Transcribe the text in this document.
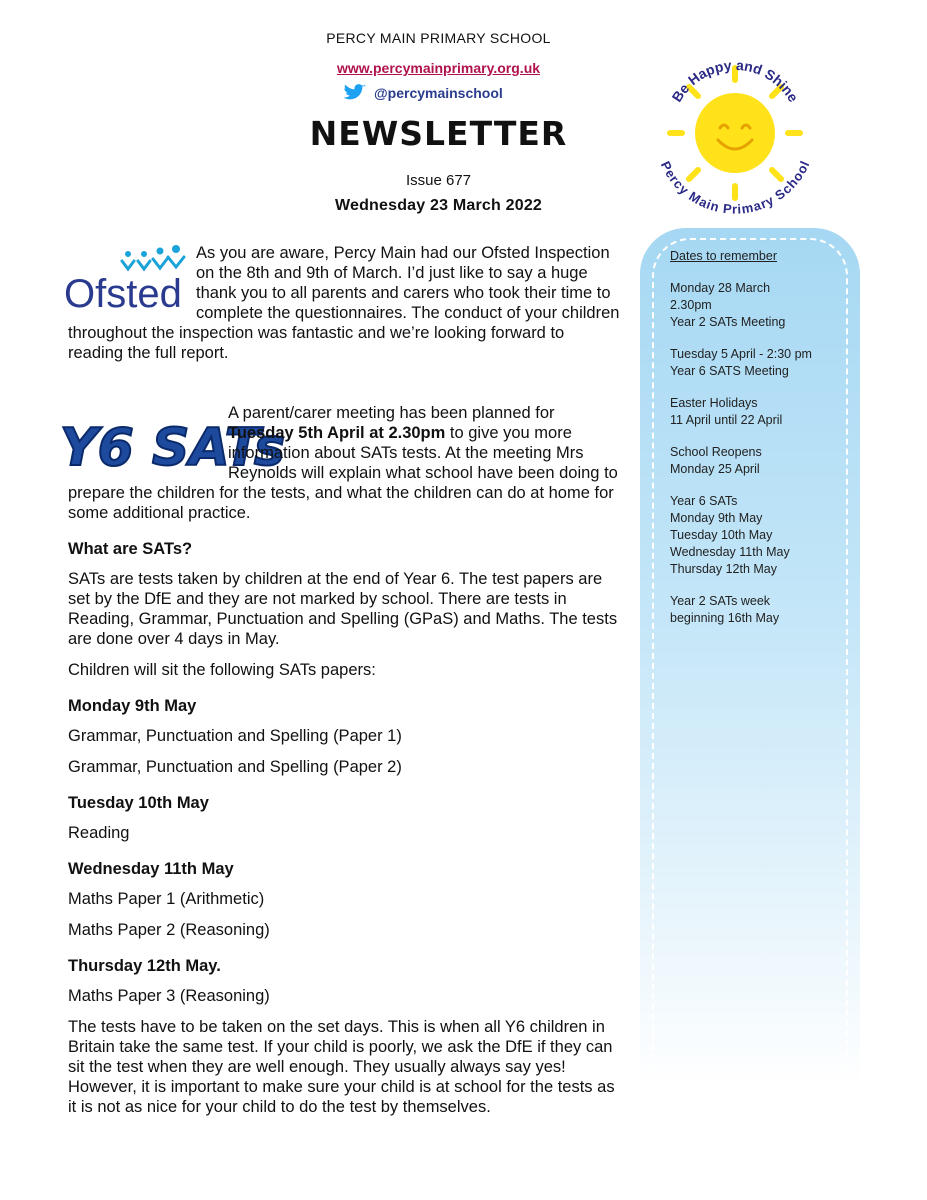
PERCY MAIN PRIMARY SCHOOL
www.percymainprimary.org.uk
@percymainschool
NEWSLETTER
Issue 677
Wednesday 23 March 2022
Be Happy and Shine
Percy Main Primary School
Dates to remember
Monday 28 March
2.30pm
Year 2 SATs Meeting
Tuesday 5 April - 2:30 pm
Year 6 SATS Meeting
Easter Holidays
11 April until 22 April
School Reopens
Monday 25 April
Year 6 SATs
Monday 9th May
Tuesday 10th May
Wednesday 11th May
Thursday 12th May
Year 2 SATs week
beginning 16th May
Ofsted

As you are aware, Percy Main had our Ofsted Inspection on the 8th and 9th of March. I’d just like to say a huge thank you to all parents and carers who took their time to complete the questionnaires. The conduct of your children throughout the inspection was fantastic and we’re looking forward to reading the full report.

Y6 SATs

A parent/carer meeting has been planned for Tuesday 5th April at 2.30pm to give you more information about SATs tests. At the meeting Mrs Reynolds will explain what school have been doing to prepare the children for the tests, and what the children can do at home for some additional practice.

What are SATs?

SATs are tests taken by children at the end of Year 6. The test papers are set by the DfE and they are not marked by school. There are tests in Reading, Grammar, Punctuation and Spelling (GPaS) and Maths. The tests are done over 4 days in May.

Children will sit the following SATs papers:

Monday 9th May

Grammar, Punctuation and Spelling (Paper 1)

Grammar, Punctuation and Spelling (Paper 2)

Tuesday 10th May

Reading

Wednesday 11th May

Maths Paper 1 (Arithmetic)

Maths Paper 2 (Reasoning)

Thursday 12th May.

Maths Paper 3 (Reasoning)

The tests have to be taken on the set days. This is when all Y6 children in Britain take the same test. If your child is poorly, we ask the DfE if they can sit the test when they are well enough. They usually always say yes! However, it is important to make sure your child is at school for the tests as it is not as nice for your child to do the test by themselves.
